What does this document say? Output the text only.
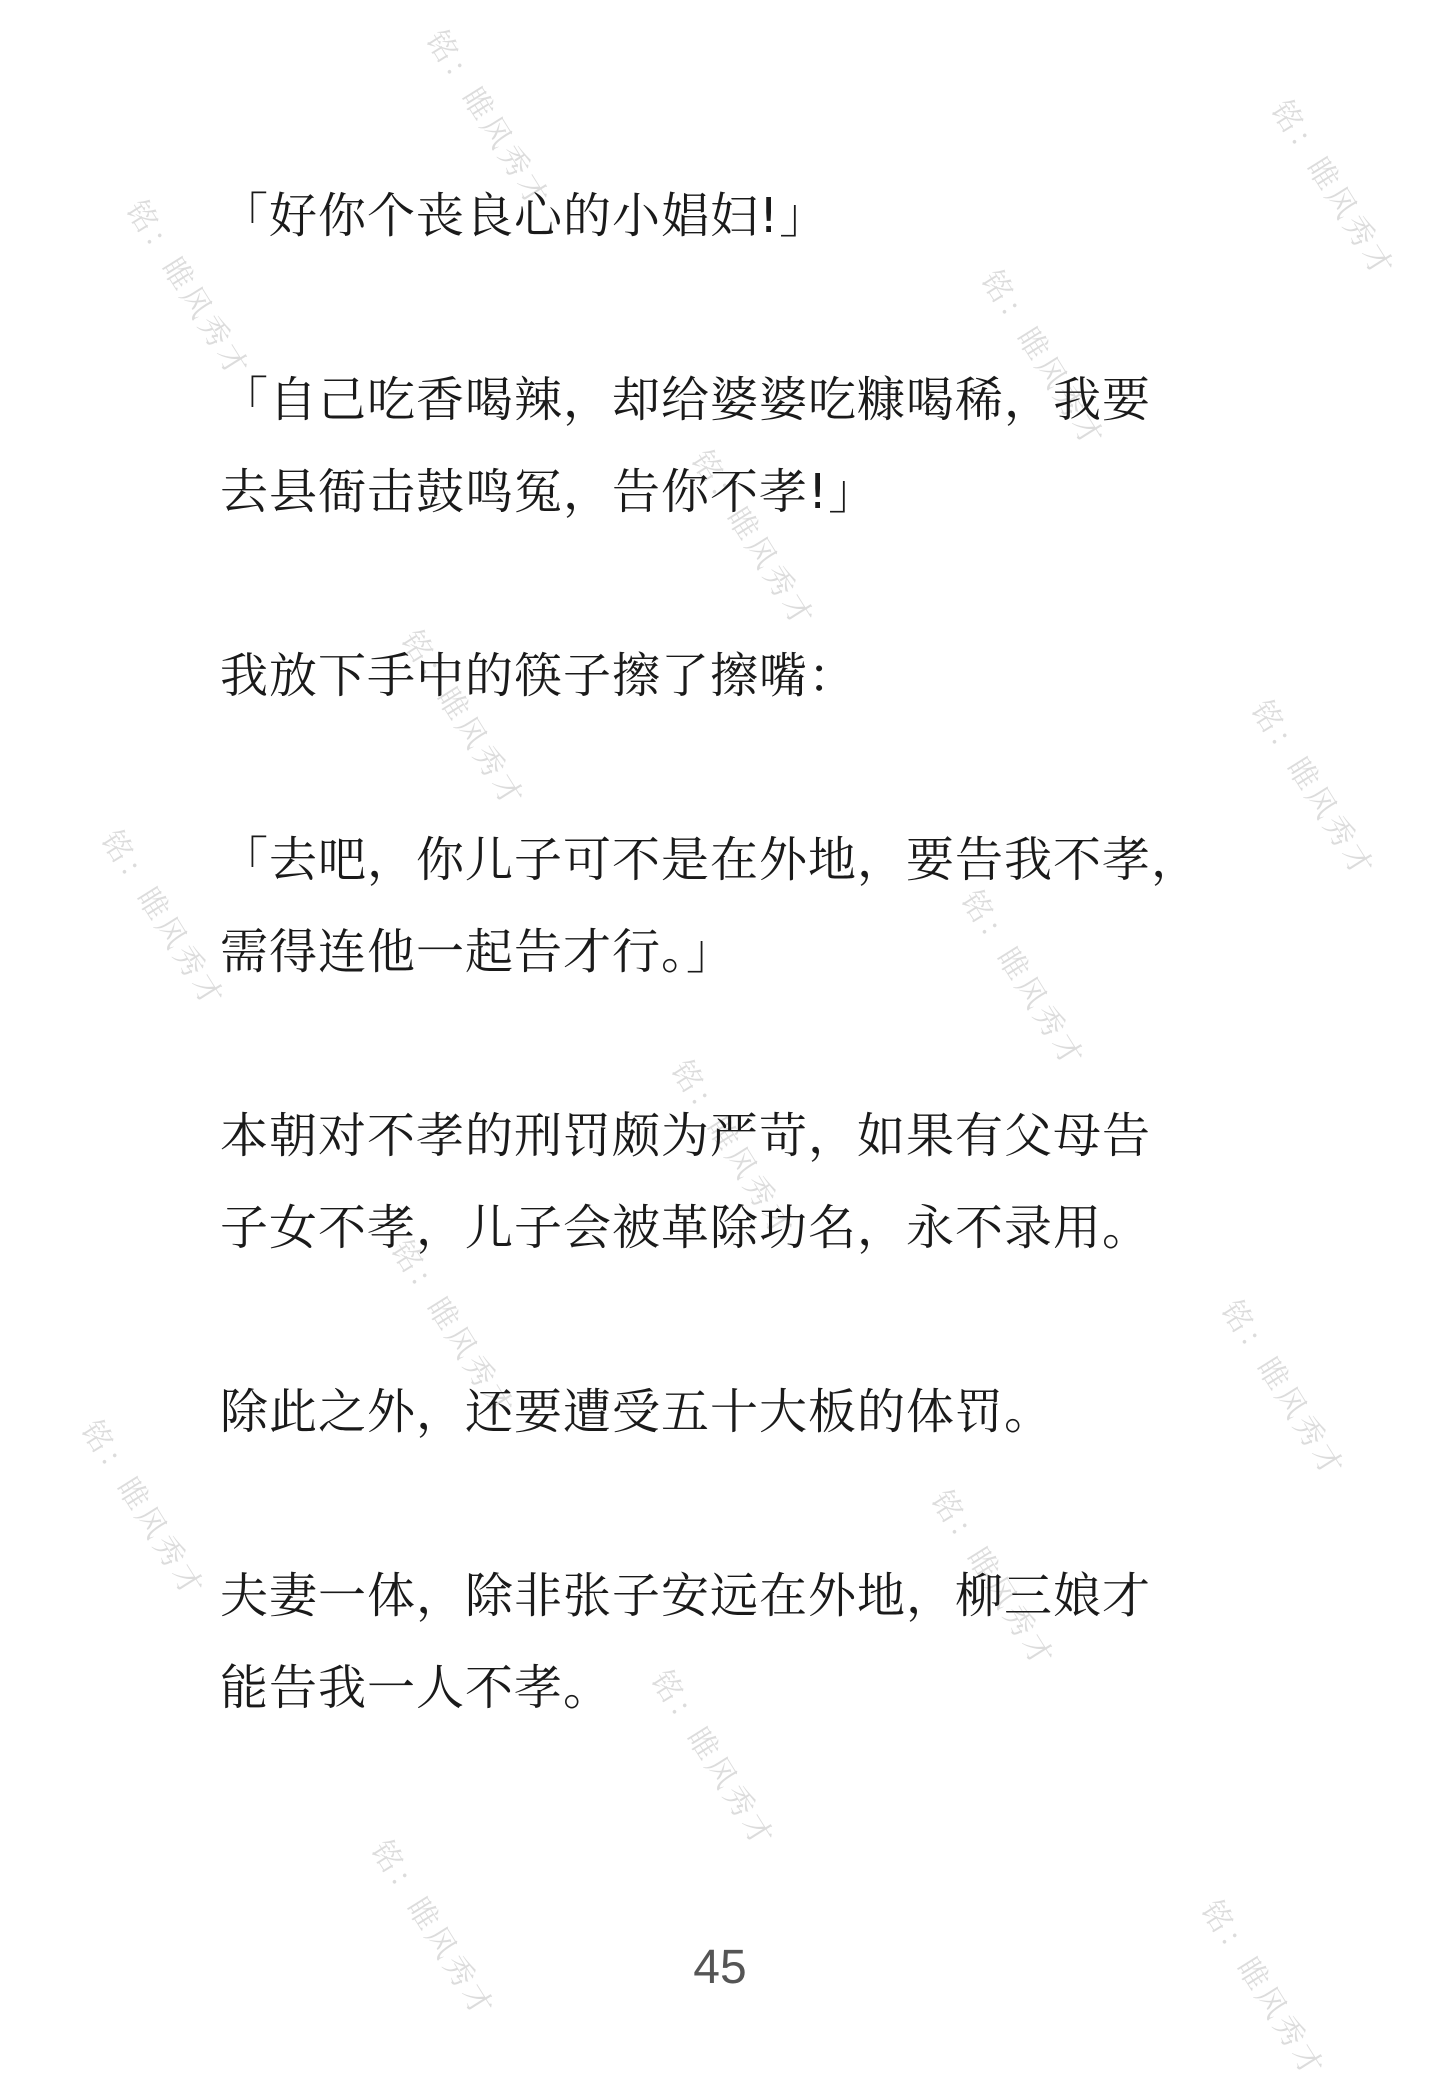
铭：睢风秀才	铭：睢风秀才
铭：睢风秀才	铭：睢风秀才
铭：睢风秀才
铭：睢风秀才	铭：睢风秀才
铭：睢风秀才	铭：睢风秀才
铭：睢风秀才
铭：睢风秀才	铭：睢风秀才
铭：睢风秀才	铭：睢风秀才
铭：睢风秀才
铭：睢风秀才	铭：睢风秀才

「好你个丧良心的小娼妇!」

「自己吃香喝辣，却给婆婆吃糠喝稀，我要
去县衙击鼓鸣冤，告你不孝!」

我放下手中的筷子擦了擦嘴：

「去吧，你儿子可不是在外地，要告我不孝，
需得连他一起告才行。」

本朝对不孝的刑罚颇为严苛，如果有父母告
子女不孝，儿子会被革除功名，永不录用。

除此之外，还要遭受五十大板的体罚。

夫妻一体，除非张子安远在外地，柳三娘才
能告我一人不孝。

45
